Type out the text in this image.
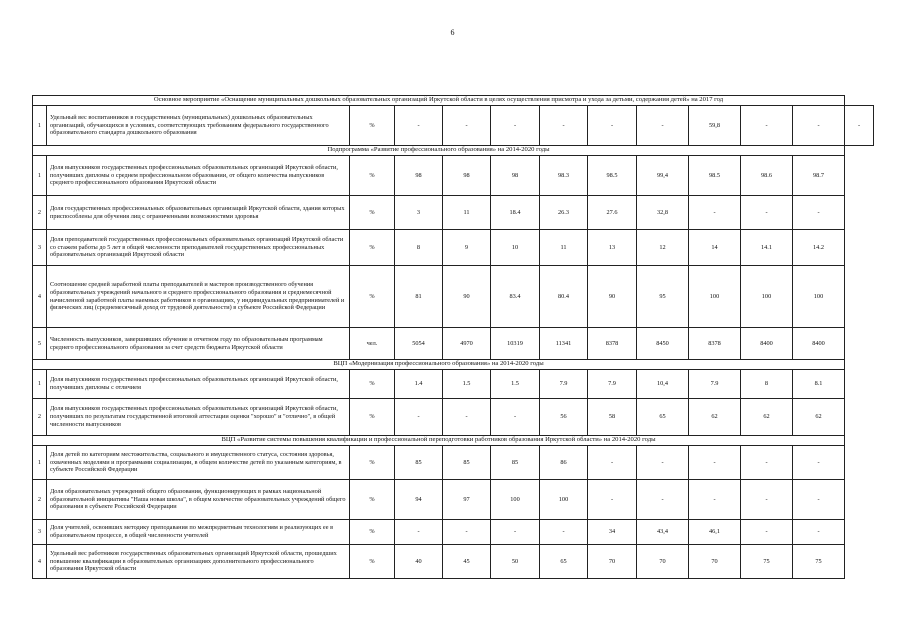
6
Основное мероприятие «Оснащение муниципальных дошкольных образовательных организаций Иркутской области в целях осуществления присмотра и ухода за детьми, содержания детей» на 2017 год												
1	Удельный вес воспитанников в государственных (муниципальных) дошкольных образовательных организаций, обучающихся в условиях, соответствующих требованиям федерального государственного образовательного стандарта дошкольного образования	%	-	-	-	-	-	-	59,8	-	-	-
Подпрограмма «Развитие профессионального образования» на 2014-2020 годы												
1	Доля выпускников государственных профессиональных образовательных организаций Иркутской области, получивших дипломы о среднем профессиональном образовании, от общего количества выпускников среднего профессионального образования Иркутской области	%	98	98	98	98.3	98.5	99,4	98.5	98.6	98.7	
2	Доля государственных профессиональных образовательных организаций Иркутской области, здания которых приспособлены для обучения лиц с ограниченными возможностями здоровья	%	3	11	18.4	26.3	27.6	32,8	-	-	-	
3	Доля преподавателей государственных профессиональных образовательных организаций Иркутской области со стажем работы до 5 лет в общей численности преподавателей государственных профессиональных образовательных организаций Иркутской области	%	8	9	10	11	13	12	14	14.1	14.2	
4	Соотношение средней заработной платы преподавателей и мастеров производственного обучения образовательных учреждений начального и среднего профессионального образования и среднемесячной начисленной заработной платы наемных работников в организациях, у индивидуальных предпринимателей и физических лиц (среднемесячный доход от трудовой деятельности) в субъекте Российской Федерации	%	81	90	83.4	80.4	90	95	100	100	100	
5	Численность выпускников, завершивших обучение в отчетном году по образовательным программам среднего профессионального образования за счет средств бюджета Иркутской области	чел.	5054	4970	10319	11341	8378	8450	8378	8400	8400	
ВЦП «Модернизация профессионального образования» на 2014-2020 годы												
1	Доля выпускников государственных профессиональных образовательных организаций Иркутской области, получивших дипломы с отличием	%	1.4	1.5	1.5	7.9	7.9	10,4	7.9	8	8.1	
2	Доля выпускников государственных профессиональных образовательных организаций Иркутской области, получивших по результатам государственной итоговой аттестации оценки "хорошо" и "отлично", в общей численности выпускников	%	-	-	-	56	58	65	62	62	62	
ВЦП «Развитие системы повышения квалификации и профессиональной переподготовки работников образования Иркутской области» на 2014-2020 годы												
1	Доля детей по категориям местожительства, социального и имущественного статуса, состояния здоровья, охваченных моделями и программами социализации, в общем количестве детей по указанным категориям, в субъекте Российской Федерации	%	85	85	85	86	-	-	-	-	-	
2	Доля образовательных учреждений общего образования, функционирующих в рамках национальной образовательной инициативы "Наша новая школа", в общем количестве образовательных учреждений общего образования в субъекте Российской Федерации	%	94	97	100	100	-	-	-	-	-	
3	Доля учителей, освоивших методику преподавания по межпредметным технологиям и реализующих ее в образовательном процессе, в общей численности учителей	%	-	-	-	-	34	43,4	46,1	-	-	
4	Удельный вес работников государственных образовательных организаций Иркутской области, прошедших повышение квалификации в образовательных организациях дополнительного профессионального образования Иркутской области	%	40	45	50	65	70	70	70	75	75	
